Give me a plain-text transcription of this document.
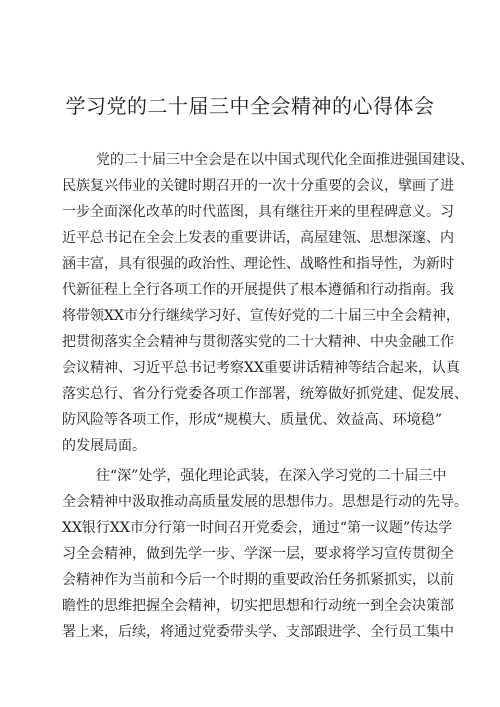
学习党的二十届三中全会精神的心得体会
党的二十届三中全会是在以中国式现代化全面推进强国建设、
民族复兴伟业的关键时期召开的一次十分重要的会议，擘画了进
一步全面深化改革的时代蓝图，具有继往开来的里程碑意义。习
近平总书记在全会上发表的重要讲话，高屋建瓴、思想深邃、内
涵丰富，具有很强的政治性、理论性、战略性和指导性，为新时
代新征程上全行各项工作的开展提供了根本遵循和行动指南。我
将带领XX市分行继续学习好、宣传好党的二十届三中全会精神，
把贯彻落实全会精神与贯彻落实党的二十大精神、中央金融工作
会议精神、习近平总书记考察XX重要讲话精神等结合起来，认真
落实总行、省分行党委各项工作部署，统筹做好抓党建、促发展、
防风险等各项工作，形成“规模大、质量优、效益高、环境稳”
的发展局面。
往“深”处学，强化理论武装，在深入学习党的二十届三中
全会精神中汲取推动高质量发展的思想伟力。思想是行动的先导。
XX银行XX市分行第一时间召开党委会，通过“第一议题”传达学
习全会精神，做到先学一步、学深一层，要求将学习宣传贯彻全
会精神作为当前和今后一个时期的重要政治任务抓紧抓实，以前
瞻性的思维把握全会精神，切实把思想和行动统一到全会决策部
署上来，后续，将通过党委带头学、支部跟进学、全行员工集中
